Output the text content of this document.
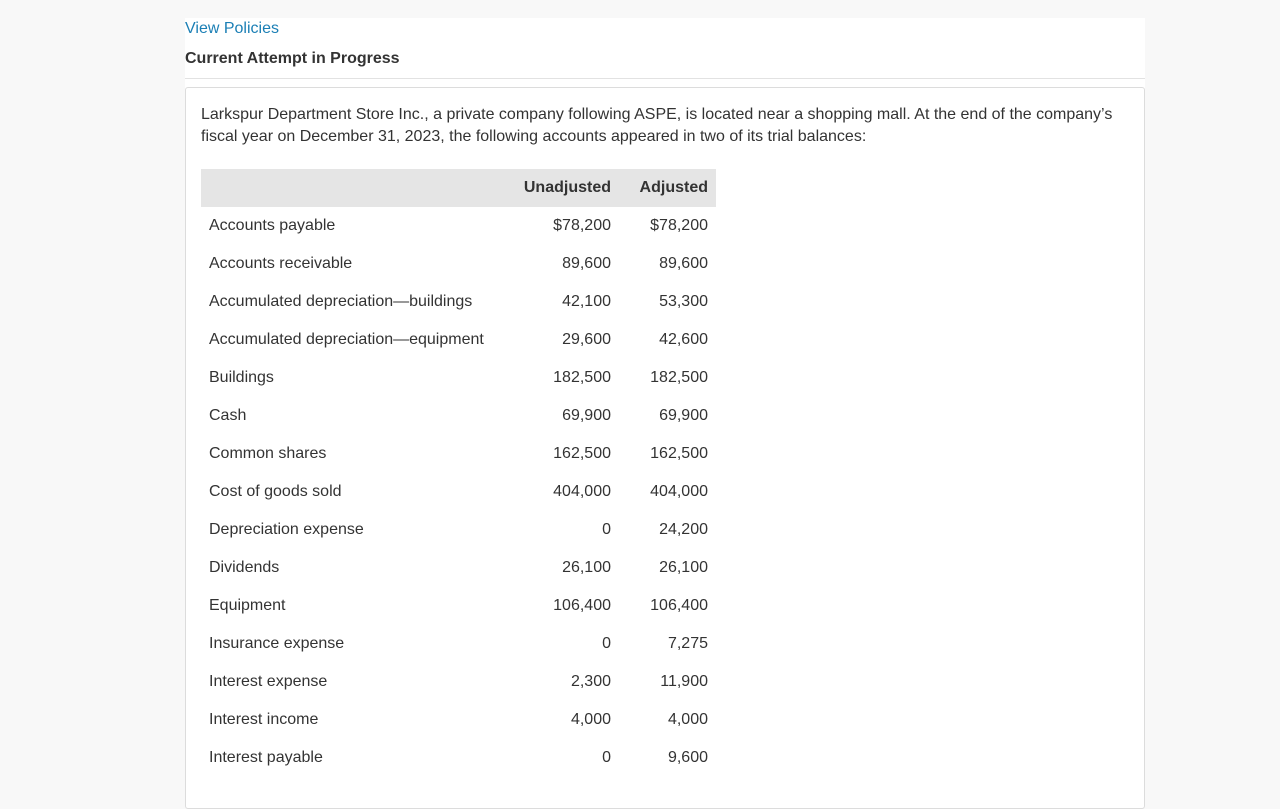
View Policies
Current Attempt in Progress
Larkspur Department Store Inc., a private company following ASPE, is located near a shopping mall. At the end of the company’s fiscal year on December 31, 2023, the following accounts appeared in two of its trial balances:
	Unadjusted	Adjusted
Accounts payable	$78,200	$78,200
Accounts receivable	89,600	89,600
Accumulated depreciation—buildings	42,100	53,300
Accumulated depreciation—equipment	29,600	42,600
Buildings	182,500	182,500
Cash	69,900	69,900
Common shares	162,500	162,500
Cost of goods sold	404,000	404,000
Depreciation expense	0	24,200
Dividends	26,100	26,100
Equipment	106,400	106,400
Insurance expense	0	7,275
Interest expense	2,300	11,900
Interest income	4,000	4,000
Interest payable	0	9,600
